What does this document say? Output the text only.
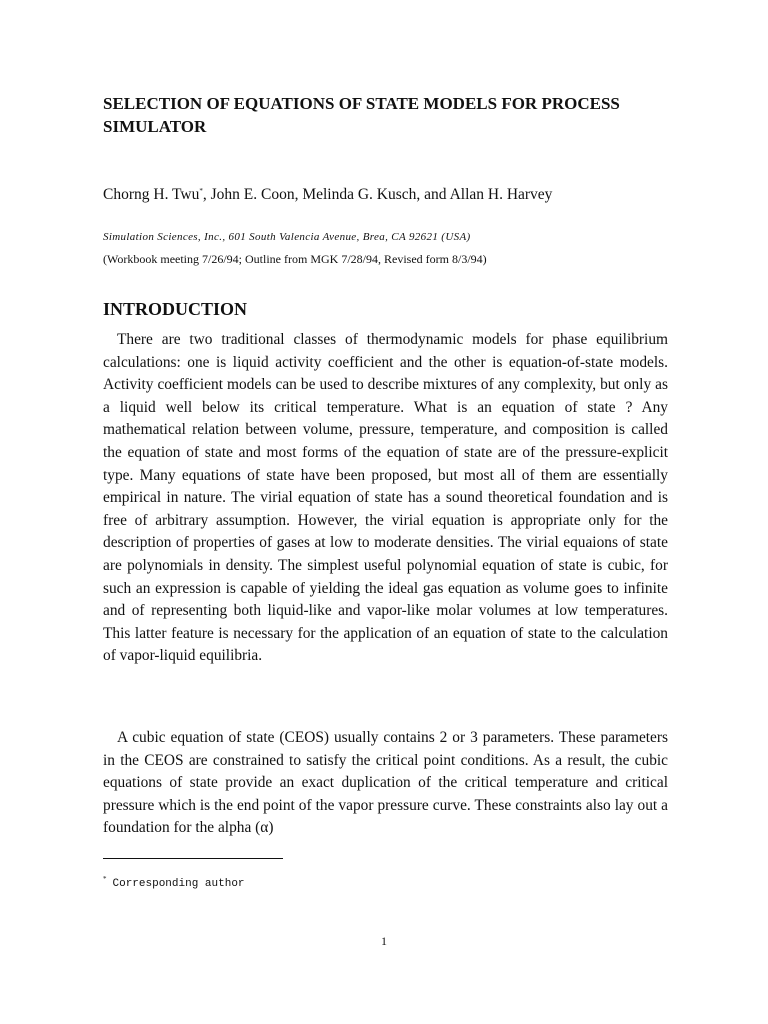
SELECTION OF EQUATIONS OF STATE MODELS FOR PROCESS SIMULATOR

Chorng H. Twu*, John E. Coon, Melinda G. Kusch, and Allan H. Harvey

Simulation Sciences, Inc., 601 South Valencia Avenue, Brea, CA 92621 (USA)

(Workbook meeting 7/26/94; Outline from MGK 7/28/94, Revised form 8/3/94)

INTRODUCTION

There are two traditional classes of thermodynamic models for phase equilibrium calculations: one is liquid activity coefficient and the other is equation-of-state models. Activity coefficient models can be used to describe mixtures of any complexity, but only as a liquid well below its critical temperature. What is an equation of state ? Any mathematical relation between volume, pressure, temperature, and composition is called the equation of state and most forms of the equation of state are of the pressure-explicit type. Many equations of state have been proposed, but most all of them are essentially empirical in nature. The virial equation of state has a sound theoretical foundation and is free of arbitrary assumption. However, the virial equation is appropriate only for the description of properties of gases at low to moderate densities. The virial equaions of state are polynomials in density. The simplest useful polynomial equation of state is cubic, for such an expression is capable of yielding the ideal gas equation as volume goes to infinite and of representing both liquid-like and vapor-like molar volumes at low temperatures. This latter feature is necessary for the application of an equation of state to the calculation of vapor-liquid equilibria.

A cubic equation of state (CEOS) usually contains 2 or 3 parameters. These parameters in the CEOS are constrained to satisfy the critical point conditions. As a result, the cubic equations of state provide an exact duplication of the critical temperature and critical pressure which is the end point of the vapor pressure curve. These constraints also lay out a foundation for the alpha (α)

* Corresponding author

1
